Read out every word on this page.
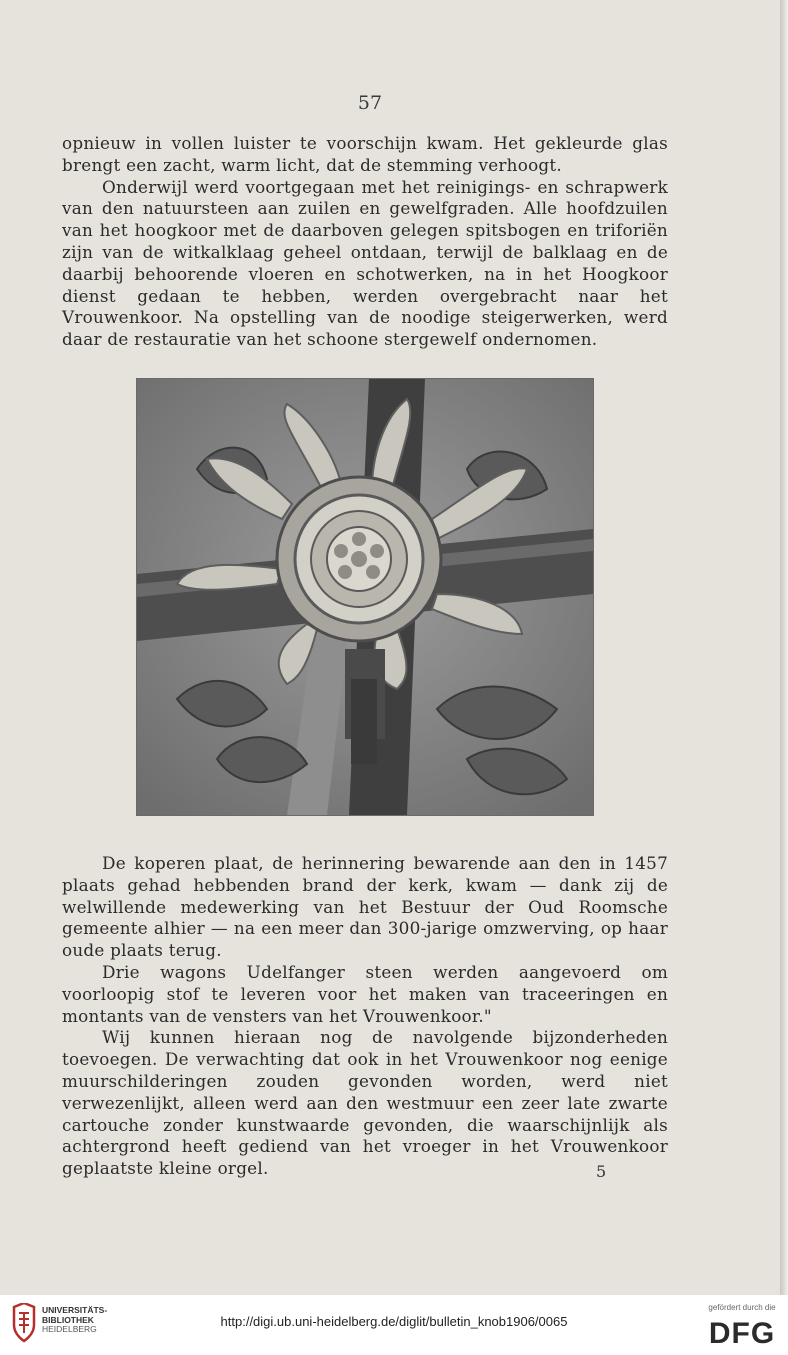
57

opnieuw in vollen luister te voorschijn kwam. Het gekleurde glas brengt een zacht, warm licht, dat de stemming verhoogt.

Onderwijl werd voortgegaan met het reinigings- en schrapwerk van den natuursteen aan zuilen en gewelfgraden. Alle hoofdzuilen van het hoogkoor met de daarboven gelegen spitsbogen en triforiën zijn van de witkalklaag geheel ontdaan, terwijl de balklaag en de daarbij behoorende vloeren en schotwerken, na in het Hoogkoor dienst gedaan te hebben, werden overgebracht naar het Vrouwenkoor. Na opstelling van de noodige steigerwerken, werd daar de restauratie van het schoone stergewelf ondernomen.

De koperen plaat, de herinnering bewarende aan den in 1457 plaats gehad hebbenden brand der kerk, kwam — dank zij de welwillende medewerking van het Bestuur der Oud Roomsche gemeente alhier — na een meer dan 300-jarige omzwerving, op haar oude plaats terug.

Drie wagons Udelfanger steen werden aangevoerd om voorloopig stof te leveren voor het maken van traceeringen en montants van de vensters van het Vrouwenkoor."

Wij kunnen hieraan nog de navolgende bijzonderheden toevoegen. De verwachting dat ook in het Vrouwenkoor nog eenige muurschilderingen zouden gevonden worden, werd niet verwezenlijkt, alleen werd aan den westmuur een zeer late zwarte cartouche zonder kunstwaarde gevonden, die waarschijnlijk als achtergrond heeft gediend van het vroeger in het Vrouwenkoor geplaatste kleine orgel.	5
UNIVERSITÄTS-
BIBLIOTHEK
HEIDELBERG	http://digi.ub.uni-heidelberg.de/diglit/bulletin_knob1906/0065
gefördert durch die
DFG
